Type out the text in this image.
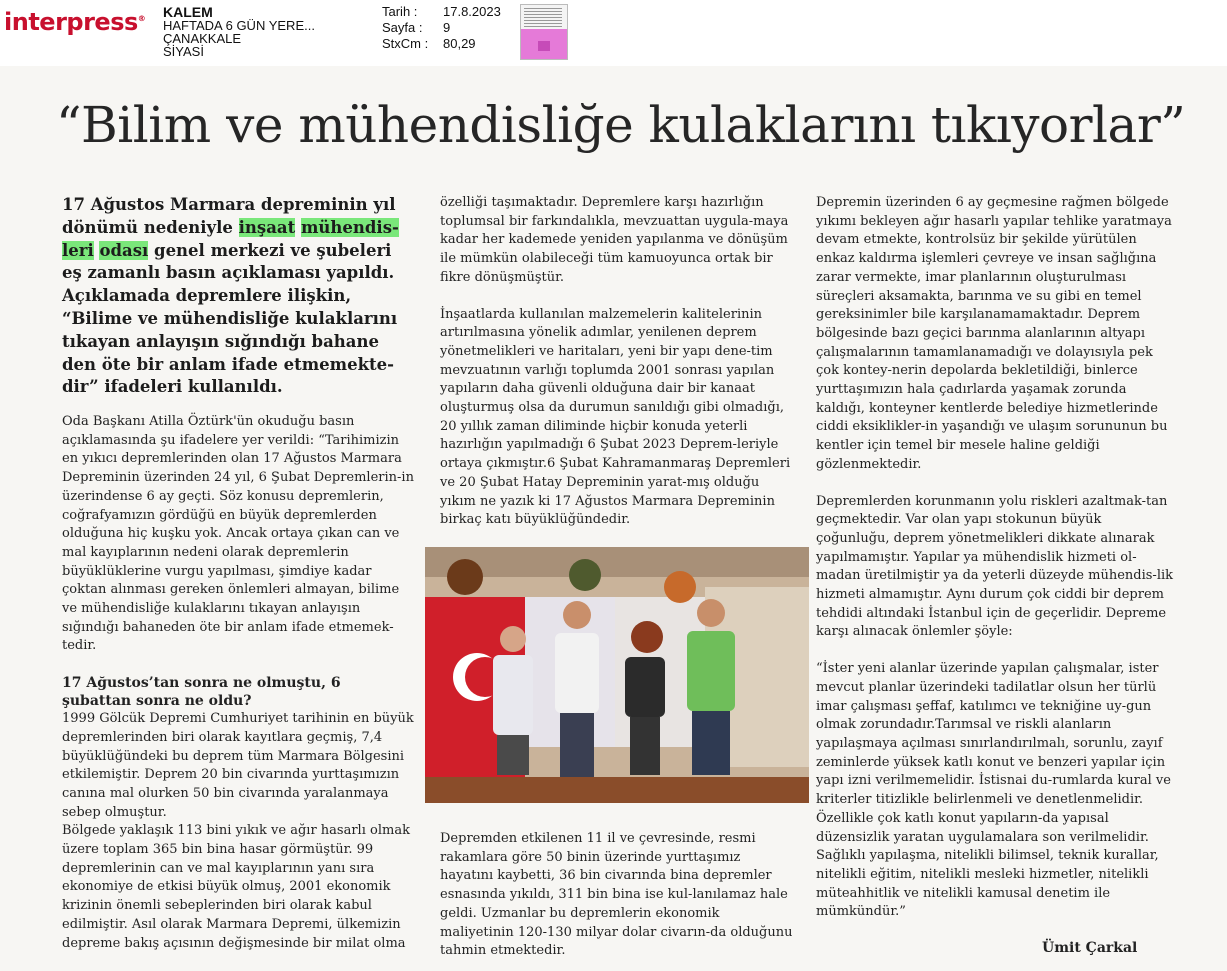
interpress® KALEM
HAFTADA 6 GÜN YERE...
ÇANAKKALE
SİYASİ
Tarih :	17.8.2023
Sayfa :	9
StxCm :	80,29
“Bilim ve mühendisliğe kulaklarını tıkıyorlar”
17 Ağustos Marmara depreminin yıl dönümü nedeniyle inşaat mühendis- leri odası genel merkezi ve şubeleri eş zamanlı basın açıklaması yapıldı. Açıklamada depremlere ilişkin, “Bilime ve mühendisliğe kulaklarını tıkayan anlayışın sığındığı bahane den öte bir anlam ifade etmemekte-dir” ifadeleri kullanıldı.

Oda Başkanı Atilla Öztürk'ün okuduğu basın açıklamasında şu ifadelere yer verildi: “Tarihimizin en yıkıcı depremlerinden olan 17 Ağustos Marmara Depreminin üzerinden 24 yıl, 6 Şubat Depremlerin-in üzerindense 6 ay geçti. Söz konusu depremlerin, coğrafyamızın gördüğü en büyük depremlerden olduğuna hiç kuşku yok. Ancak ortaya çıkan can ve mal kayıplarının nedeni olarak depremlerin büyüklüklerine vurgu yapılması, şimdiye kadar çoktan alınması gereken önlemleri almayan, bilime ve mühendisliğe kulaklarını tıkayan anlayışın sığındığı bahaneden öte bir anlam ifade etmemek-tedir.

17 Ağustos’tan sonra ne olmuştu, 6 şubattan sonra ne oldu?

1999 Gölcük Depremi Cumhuriyet tarihinin en büyük depremlerinden biri olarak kayıtlara geçmiş, 7,4 büyüklüğündeki bu deprem tüm Marmara Bölgesini etkilemiştir. Deprem 20 bin civarında yurttaşımızın canına mal olurken 50 bin civarında yaralanmaya sebep olmuştur.

Bölgede yaklaşık 113 bini yıkık ve ağır hasarlı olmak üzere toplam 365 bin bina hasar görmüştür. 99 depremlerinin can ve mal kayıplarının yanı sıra ekonomiye de etkisi büyük olmuş, 2001 ekonomik krizinin önemli sebeplerinden biri olarak kabul edilmiştir. Asıl olarak Marmara Depremi, ülkemizin depreme bakış açısının değişmesinde bir milat olma

özelliği taşımaktadır. Depremlere karşı hazırlığın toplumsal bir farkındalıkla, mevzuattan uygula-maya kadar her kademede yeniden yapılanma ve dönüşüm ile mümkün olabileceği tüm kamuoyunca ortak bir fikre dönüşmüştür.

İnşaatlarda kullanılan malzemelerin kalitelerinin artırılmasına yönelik adımlar, yenilenen deprem yönetmelikleri ve haritaları, yeni bir yapı dene-tim mevzuatının varlığı toplumda 2001 sonrası yapılan yapıların daha güvenli olduğuna dair bir kanaat oluşturmuş olsa da durumun sanıldığı gibi olmadığı, 20 yıllık zaman diliminde hiçbir konuda yeterli hazırlığın yapılmadığı 6 Şubat 2023 Deprem-leriyle ortaya çıkmıştır.6 Şubat Kahramanmaraş Depremleri ve 20 Şubat Hatay Depreminin yarat-mış olduğu yıkım ne yazık ki 17 Ağustos Marmara Depreminin birkaç katı büyüklüğündedir.

Depremden etkilenen 11 il ve çevresinde, resmi rakamlara göre 50 binin üzerinde yurttaşımız hayatını kaybetti, 36 bin civarında bina depremler esnasında yıkıldı, 311 bin bina ise kul-lanılamaz hale geldi. Uzmanlar bu depremlerin ekonomik maliyetinin 120-130 milyar dolar civarın-da olduğunu tahmin etmektedir.

Depremin üzerinden 6 ay geçmesine rağmen bölgede yıkımı bekleyen ağır hasarlı yapılar tehlike yaratmaya devam etmekte, kontrolsüz bir şekilde yürütülen enkaz kaldırma işlemleri çevreye ve insan sağlığına zarar vermekte, imar planlarının oluşturulması süreçleri aksamakta, barınma ve su gibi en temel gereksinimler bile karşılanamamaktadır. Deprem bölgesinde bazı geçici barınma alanlarının altyapı çalışmalarının tamamlanamadığı ve dolayısıyla pek çok kontey-nerin depolarda bekletildiği, binlerce yurttaşımızın hala çadırlarda yaşamak zorunda kaldığı, konteyner kentlerde belediye hizmetlerinde ciddi eksiklikler-in yaşandığı ve ulaşım sorununun bu kentler için temel bir mesele haline geldiği gözlenmektedir.

Depremlerden korunmanın yolu riskleri azaltmak-tan geçmektedir. Var olan yapı stokunun büyük çoğunluğu, deprem yönetmelikleri dikkate alınarak yapılmamıştır. Yapılar ya mühendislik hizmeti ol-madan üretilmiştir ya da yeterli düzeyde mühendis-lik hizmeti almamıştır. Aynı durum çok ciddi bir deprem tehdidi altındaki İstanbul için de geçerlidir. Depreme karşı alınacak önlemler şöyle:

“İster yeni alanlar üzerinde yapılan çalışmalar, ister mevcut planlar üzerindeki tadilatlar olsun her türlü imar çalışması şeffaf, katılımcı ve tekniğine uy-gun olmak zorundadır.Tarımsal ve riskli alanların yapılaşmaya açılması sınırlandırılmalı, sorunlu, zayıf zeminlerde yüksek katlı konut ve benzeri yapılar için yapı izni verilmemelidir. İstisnai du-rumlarda kural ve kriterler titizlikle belirlenmeli ve denetlenmelidir. Özellikle çok katlı konut yapıların-da yapısal düzensizlik yaratan uygulamalara son verilmelidir.

Sağlıklı yapılaşma, nitelikli bilimsel, teknik kurallar, nitelikli eğitim, nitelikli mesleki hizmetler, nitelikli müteahhitlik ve nitelikli kamusal denetim ile mümkündür.”

Ümit Çarkal
